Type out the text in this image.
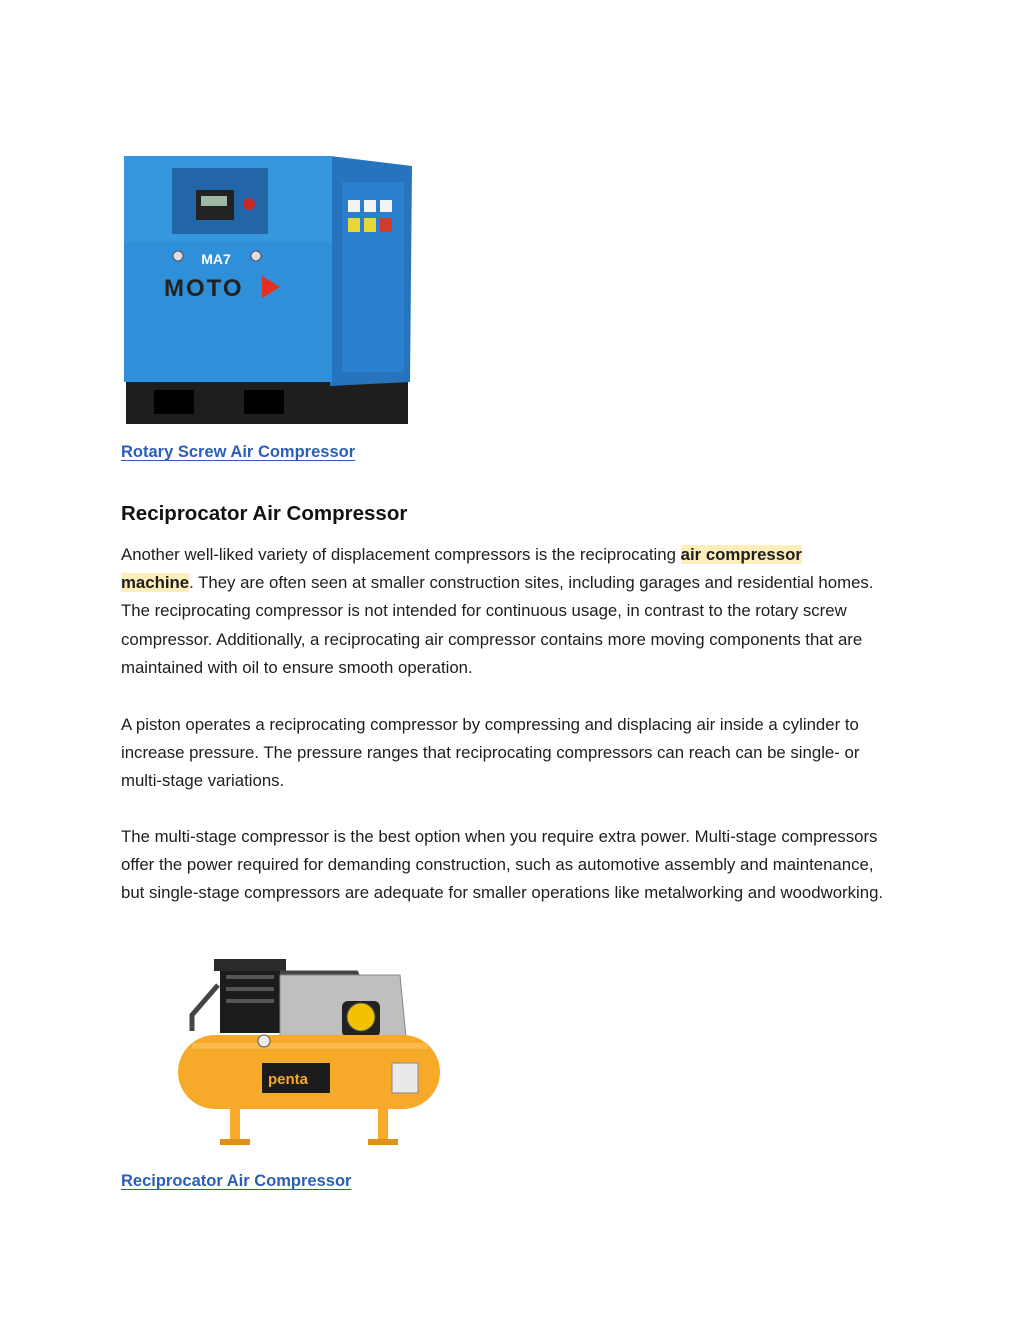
MA7
MOTO
Rotary Screw Air Compressor
Reciprocator Air Compressor

Another well-liked variety of displacement compressors is the reciprocating air compressor
machine. They are often seen at smaller construction sites, including garages and residential homes. The reciprocating compressor is not intended for continuous usage, in contrast to the rotary screw compressor. Additionally, a reciprocating air compressor contains more moving components that are maintained with oil to ensure smooth operation.

A piston operates a reciprocating compressor by compressing and displacing air inside a cylinder to increase pressure. The pressure ranges that reciprocating compressors can reach can be single- or multi-stage variations.

The multi-stage compressor is the best option when you require extra power. Multi-stage compressors offer the power required for demanding construction, such as automotive assembly and maintenance, but single-stage compressors are adequate for smaller operations like metalworking and woodworking.

penta
Reciprocator Air Compressor
